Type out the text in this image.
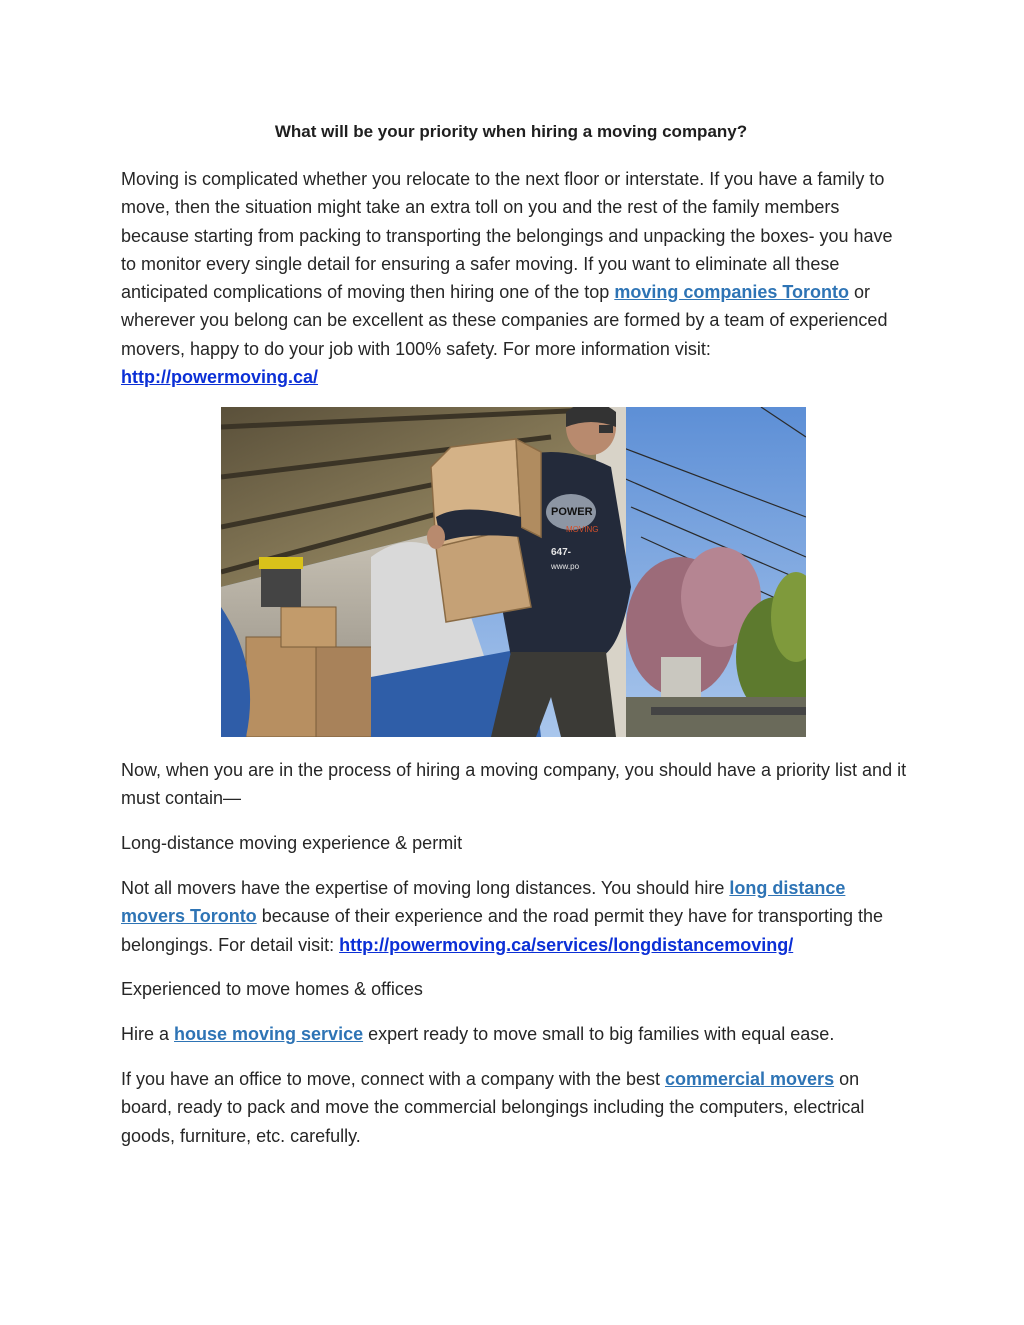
What will be your priority when hiring a moving company?

Moving is complicated whether you relocate to the next floor or interstate. If you have a family to move, then the situation might take an extra toll on you and the rest of the family members because starting from packing to transporting the belongings and unpacking the boxes- you have to monitor every single detail for ensuring a safer moving. If you want to eliminate all these anticipated complications of moving then hiring one of the top moving companies Toronto or wherever you belong can be excellent as these companies are formed by a team of experienced movers, happy to do your job with 100% safety. For more information visit: http://powermoving.ca/

Now, when you are in the process of hiring a moving company, you should have a priority list and it must contain—

Long-distance moving experience & permit

Not all movers have the expertise of moving long distances. You should hire long distance movers Toronto because of their experience and the road permit they have for transporting the belongings. For detail visit: http://powermoving.ca/services/longdistancemoving/

Experienced to move homes & offices

Hire a house moving service expert ready to move small to big families with equal ease.

If you have an office to move, connect with a company with the best commercial movers on board, ready to pack and move the commercial belongings including the computers, electrical goods, furniture, etc. carefully.

POWER
MOVING
647-
www.po
